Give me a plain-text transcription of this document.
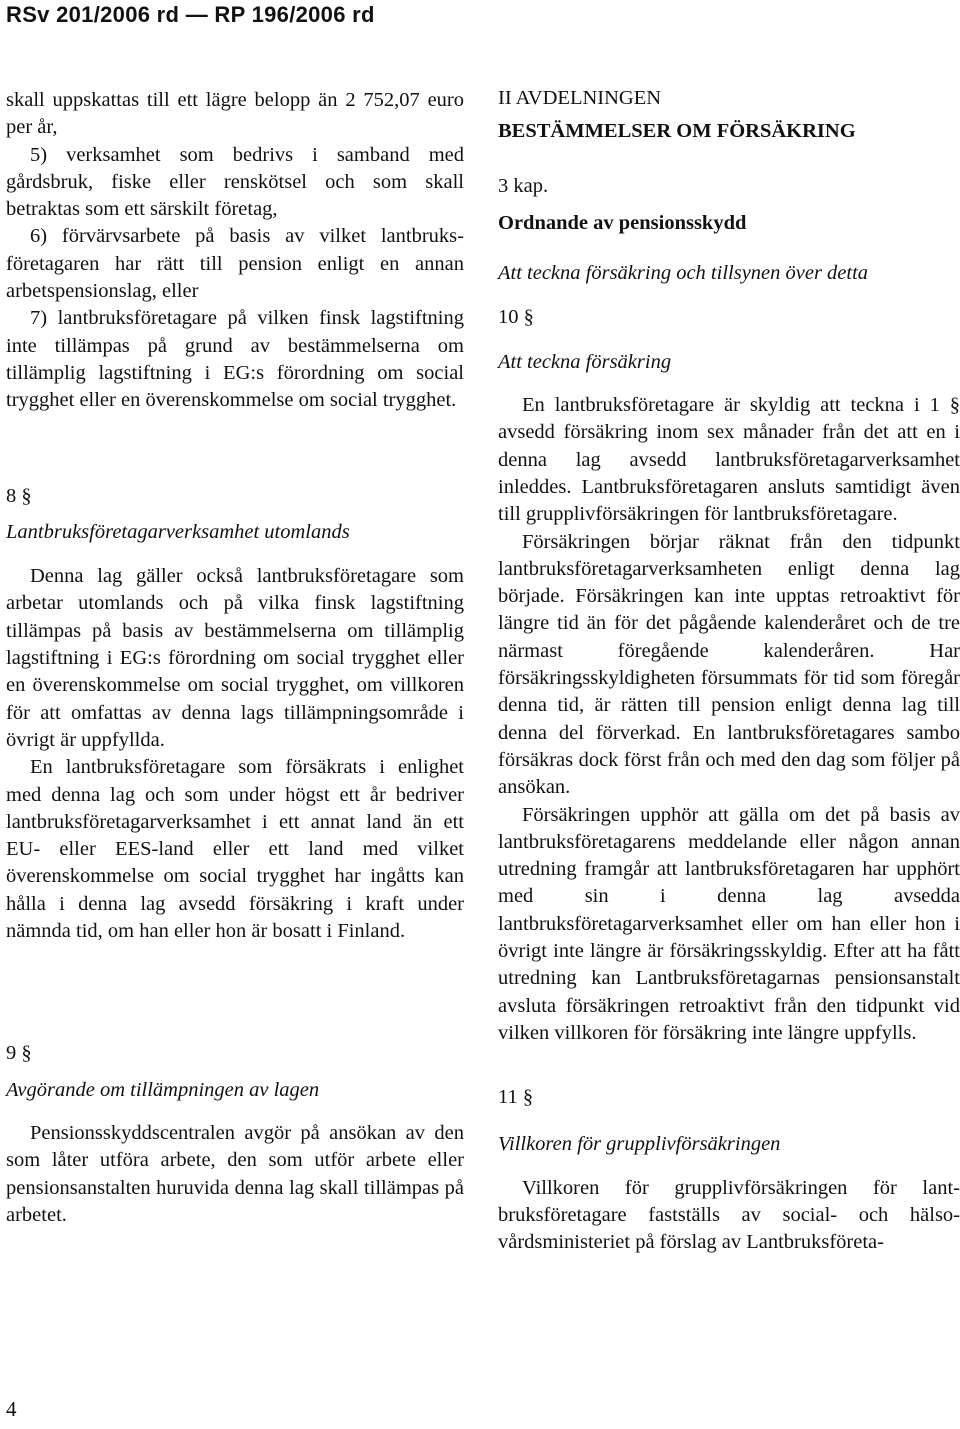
RSv 201/2006 rd — RP 196/2006 rd

skall uppskattas till ett lägre belopp än 2 752,07 euro per år,

5) verksamhet som bedrivs i samband med gårdsbruk, fiske eller renskötsel och som skall betraktas som ett särskilt företag,

6) förvärvsarbete på basis av vilket lantbruksföretagaren har rätt till pension enligt en annan arbetspensionslag, eller

7) lantbruksföretagare på vilken finsk lagstiftning inte tillämpas på grund av bestämmelserna om tillämplig lagstiftning i EG:s förordning om social trygghet eller en överenskommelse om social trygghet.

8 §

Lantbruksföretagarverksamhet utomlands

Denna lag gäller också lantbruksföretagare som arbetar utomlands och på vilka finsk lagstiftning tillämpas på basis av bestämmelserna om tillämplig lagstiftning i EG:s förordning om social trygghet eller en överenskommelse om social trygghet, om villkoren för att omfattas av denna lags tillämpningsområde i övrigt är uppfyllda.

En lantbruksföretagare som försäkrats i enlighet med denna lag och som under högst ett år bedriver lantbruksföretagarverksamhet i ett annat land än ett EU- eller EES-land eller ett land med vilket överenskommelse om social trygghet har ingåtts kan hålla i denna lag avsedd försäkring i kraft under nämnda tid, om han eller hon är bosatt i Finland.

9 §

Avgörande om tillämpningen av lagen

Pensionsskyddscentralen avgör på ansökan av den som låter utföra arbete, den som utför arbete eller pensionsanstalten huruvida denna lag skall tillämpas på arbetet.

II AVDELNINGEN

BESTÄMMELSER OM FÖRSÄKRING

3 kap.

Ordnande av pensionsskydd

Att teckna försäkring och tillsynen över detta

10 §

Att teckna försäkring

En lantbruksföretagare är skyldig att teckna i 1 § avsedd försäkring inom sex månader från det att en i denna lag avsedd lantbruksföretagarverksamhet inleddes. Lantbruksföretagaren ansluts samtidigt även till grupplivförsäkringen för lantbruksföretagare.

Försäkringen börjar räknat från den tidpunkt lantbruksföretagarverksamheten enligt denna lag började. Försäkringen kan inte upptas retroaktivt för längre tid än för det pågående kalenderåret och de tre närmast föregående kalenderåren. Har försäkringsskyldigheten försummats för tid som föregår denna tid, är rätten till pension enligt denna lag till denna del förverkad. En lantbruksföretagares sambo försäkras dock först från och med den dag som följer på ansökan.

Försäkringen upphör att gälla om det på basis av lantbruksföretagarens meddelande eller någon annan utredning framgår att lantbruksföretagaren har upphört med sin i denna lag avsedda lantbruksföretagarverksamhet eller om han eller hon i övrigt inte längre är försäkringsskyldig. Efter att ha fått utredning kan Lantbruksföretagarnas pensionsanstalt avsluta försäkringen retroaktivt från den tidpunkt vid vilken villkoren för försäkring inte längre uppfylls.

11 §

Villkoren för grupplivförsäkringen

Villkoren för grupplivförsäkringen för lantbruksföretagare fastställs av social- och hälsovårdsministeriet på förslag av Lantbruksföreta-

4
